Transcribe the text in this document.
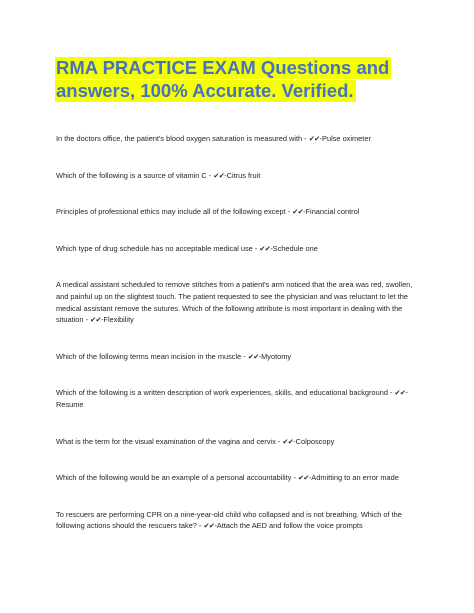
RMA PRACTICE EXAM Questions and answers, 100% Accurate. Verified.

In the doctors office, the patient's blood oxygen saturation is measured with - ✔✔-Pulse oximeter

Which of the following is a source of vitamin C - ✔✔-Citrus fruit

Principles of professional ethics may include all of the following except - ✔✔-Financial control

Which type of drug schedule has no acceptable medical use - ✔✔-Schedule one

A medical assistant scheduled to remove stitches from a patient's arm noticed that the area was red, swollen, and painful up on the slightest touch. The patient requested to see the physician and was reluctant to let the medical assistant remove the sutures. Which of the following attribute is most important in dealing with the situation - ✔✔-Flexibility

Which of the following terms mean incision in the muscle - ✔✔-Myotomy

Which of the following is a written description of work experiences, skills, and educational background - ✔✔-Resume

What is the term for the visual examination of the vagina and cervix - ✔✔-Colposcopy

Which of the following would be an example of a personal accountability - ✔✔-Admitting to an error made

To rescuers are performing CPR on a nine-year-old child who collapsed and is not breathing. Which of the following actions should the rescuers take? - ✔✔-Attach the AED and follow the voice prompts
